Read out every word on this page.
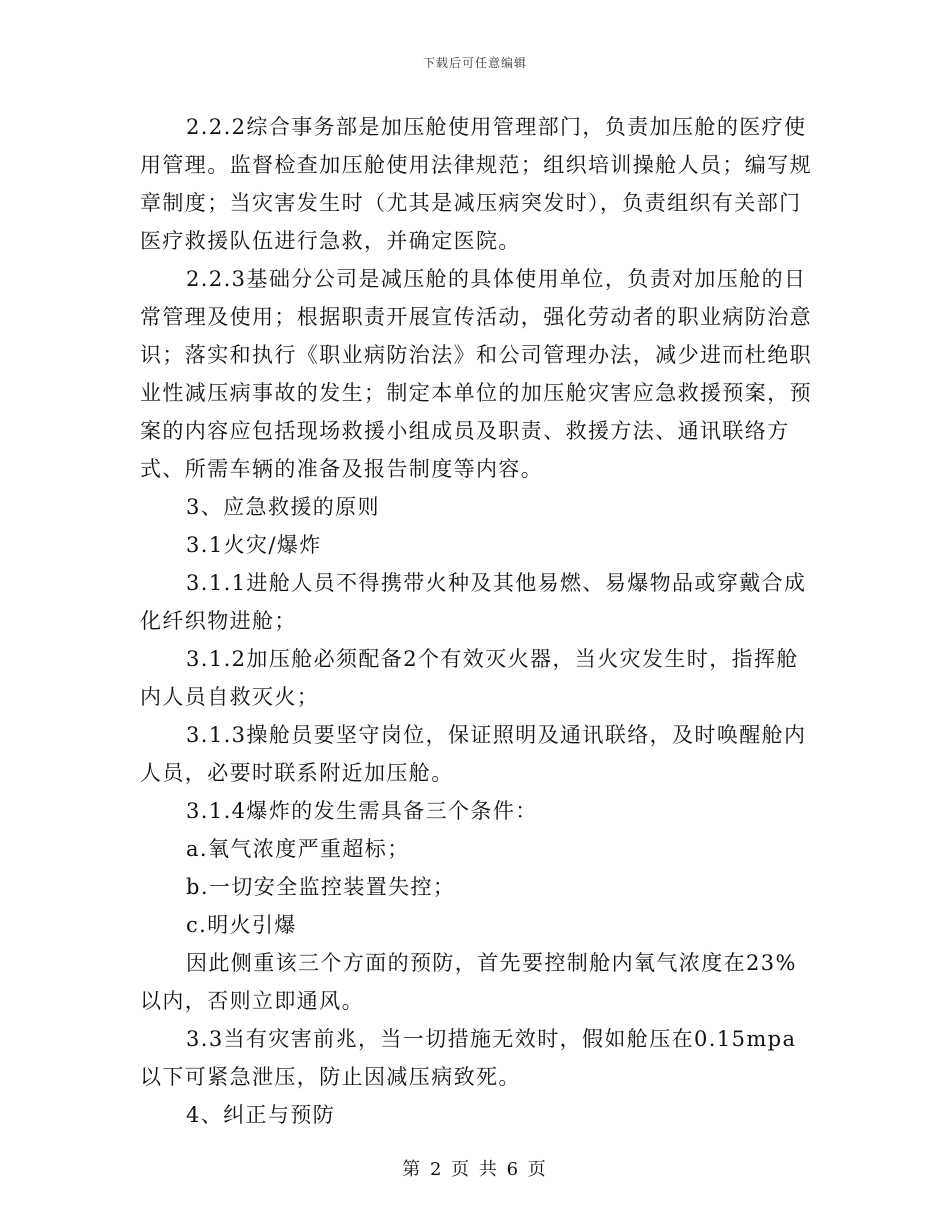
下载后可任意编辑

2.2.2综合事务部是加压舱使用管理部门，负责加压舱的医疗使用管理。监督检查加压舱使用法律规范；组织培训操舱人员；编写规章制度；当灾害发生时（尤其是减压病突发时），负责组织有关部门医疗救援队伍进行急救，并确定医院。

2.2.3基础分公司是减压舱的具体使用单位，负责对加压舱的日常管理及使用；根据职责开展宣传活动，强化劳动者的职业病防治意识；落实和执行《职业病防治法》和公司管理办法，减少进而杜绝职业性减压病事故的发生；制定本单位的加压舱灾害应急救援预案，预案的内容应包括现场救援小组成员及职责、救援方法、通讯联络方式、所需车辆的准备及报告制度等内容。

3、应急救援的原则

3.1火灾/爆炸

3.1.1进舱人员不得携带火种及其他易燃、易爆物品或穿戴合成化纤织物进舱；

3.1.2加压舱必须配备2个有效灭火器，当火灾发生时，指挥舱内人员自救灭火；

3.1.3操舱员要坚守岗位，保证照明及通讯联络，及时唤醒舱内人员，必要时联系附近加压舱。

3.1.4爆炸的发生需具备三个条件：

a.氧气浓度严重超标；

b.一切安全监控装置失控；

c.明火引爆

因此侧重该三个方面的预防，首先要控制舱内氧气浓度在23%以内，否则立即通风。

3.3当有灾害前兆，当一切措施无效时，假如舱压在0.15mpa以下可紧急泄压，防止因减压病致死。

4、纠正与预防

第 2 页 共 6 页
